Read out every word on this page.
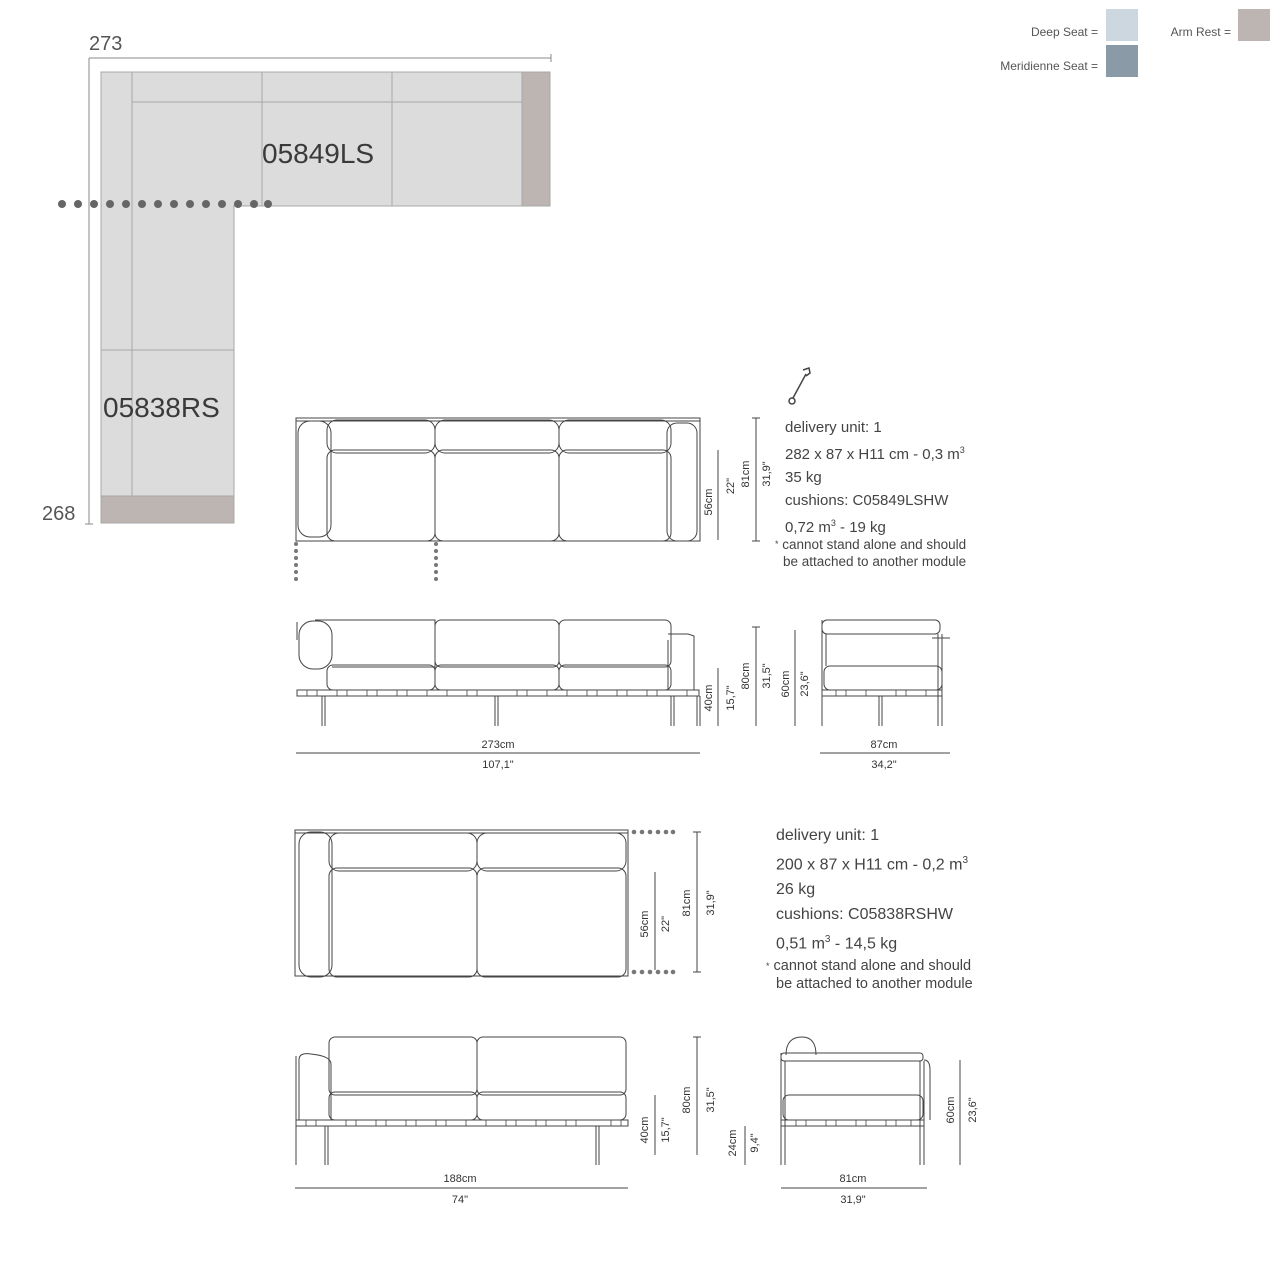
Deep Seat =
Meridienne Seat =
Arm Rest =
56cm
22" 81cm 31,9"
273cm
107,1"
40cm 15,7"
80cm 31,5" 60cm 23,6"
87cm
34,2"
56cm 22"
81cm 31,9"
188cm
74"
40cm 15,7"
80cm 31,5"
24cm 9,4"
60cm 23,6"
81cm
31,9"
273
268
05849LS
05838RS
delivery unit: 1
282 x 87 x H11 cm - 0,3 $m^3$
35 kg
cushions: C05849LSHW
0,72 $m^3 - 19$ kg
* cannot stand alone and should
be attached to another module
delivery unit: 1
200 x 87 x H11 cm - 0,2 $m^3$
26 kg
cushions: C05838RSHW
0,51 $m^3 - 14,5$ kg
* cannot stand alone and should
be attached to another module
